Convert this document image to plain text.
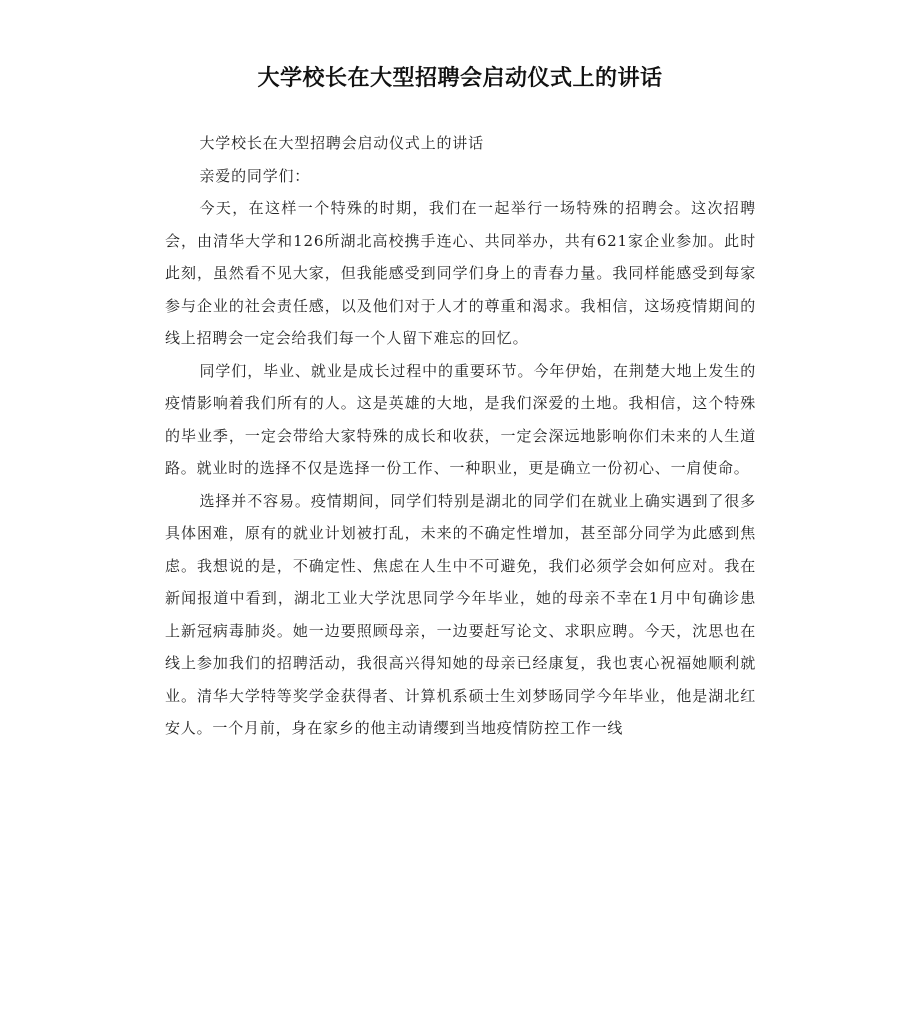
大学校长在大型招聘会启动仪式上的讲话

大学校长在大型招聘会启动仪式上的讲话

亲爱的同学们：

今天，在这样一个特殊的时期，我们在一起举行一场特殊的招聘会。这次招聘会，由清华大学和126所湖北高校携手连心、共同举办，共有621家企业参加。此时此刻，虽然看不见大家，但我能感受到同学们身上的青春力量。我同样能感受到每家参与企业的社会责任感，以及他们对于人才的尊重和渴求。我相信，这场疫情期间的线上招聘会一定会给我们每一个人留下难忘的回忆。

同学们，毕业、就业是成长过程中的重要环节。今年伊始，在荆楚大地上发生的疫情影响着我们所有的人。这是英雄的大地，是我们深爱的土地。我相信，这个特殊的毕业季，一定会带给大家特殊的成长和收获，一定会深远地影响你们未来的人生道路。就业时的选择不仅是选择一份工作、一种职业，更是确立一份初心、一肩使命。

选择并不容易。疫情期间，同学们特别是湖北的同学们在就业上确实遇到了很多具体困难，原有的就业计划被打乱，未来的不确定性增加，甚至部分同学为此感到焦虑。我想说的是，不确定性、焦虑在人生中不可避免，我们必须学会如何应对。我在新闻报道中看到，湖北工业大学沈思同学今年毕业，她的母亲不幸在1月中旬确诊患上新冠病毒肺炎。她一边要照顾母亲，一边要赶写论文、求职应聘。今天，沈思也在线上参加我们的招聘活动，我很高兴得知她的母亲已经康复，我也衷心祝福她顺利就业。清华大学特等奖学金获得者、计算机系硕士生刘梦旸同学今年毕业，他是湖北红安人。一个月前，身在家乡的他主动请缨到当地疫情防控工作一线
